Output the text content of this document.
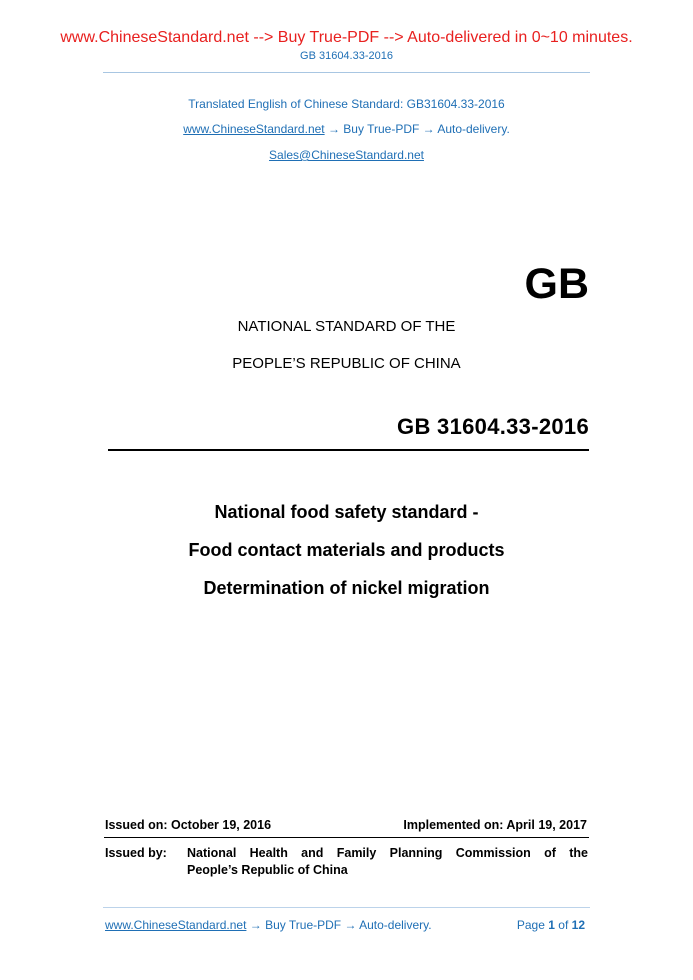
www.ChineseStandard.net --> Buy True-PDF --> Auto-delivered in 0~10 minutes.
GB 31604.33-2016
Translated English of Chinese Standard: GB31604.33-2016
www.ChineseStandard.net → Buy True-PDF → Auto-delivery.
Sales@ChineseStandard.net
GB
NATIONAL STANDARD OF THE
PEOPLE’S REPUBLIC OF CHINA
GB 31604.33-2016
National food safety standard -
Food contact materials and products
Determination of nickel migration
Issued on: October 19, 2016	Implemented on: April 19, 2017
Issued by: National Health and Family Planning Commission of the
People’s Republic of China
www.ChineseStandard.net → Buy True-PDF → Auto-delivery.	Page 1 of 12
